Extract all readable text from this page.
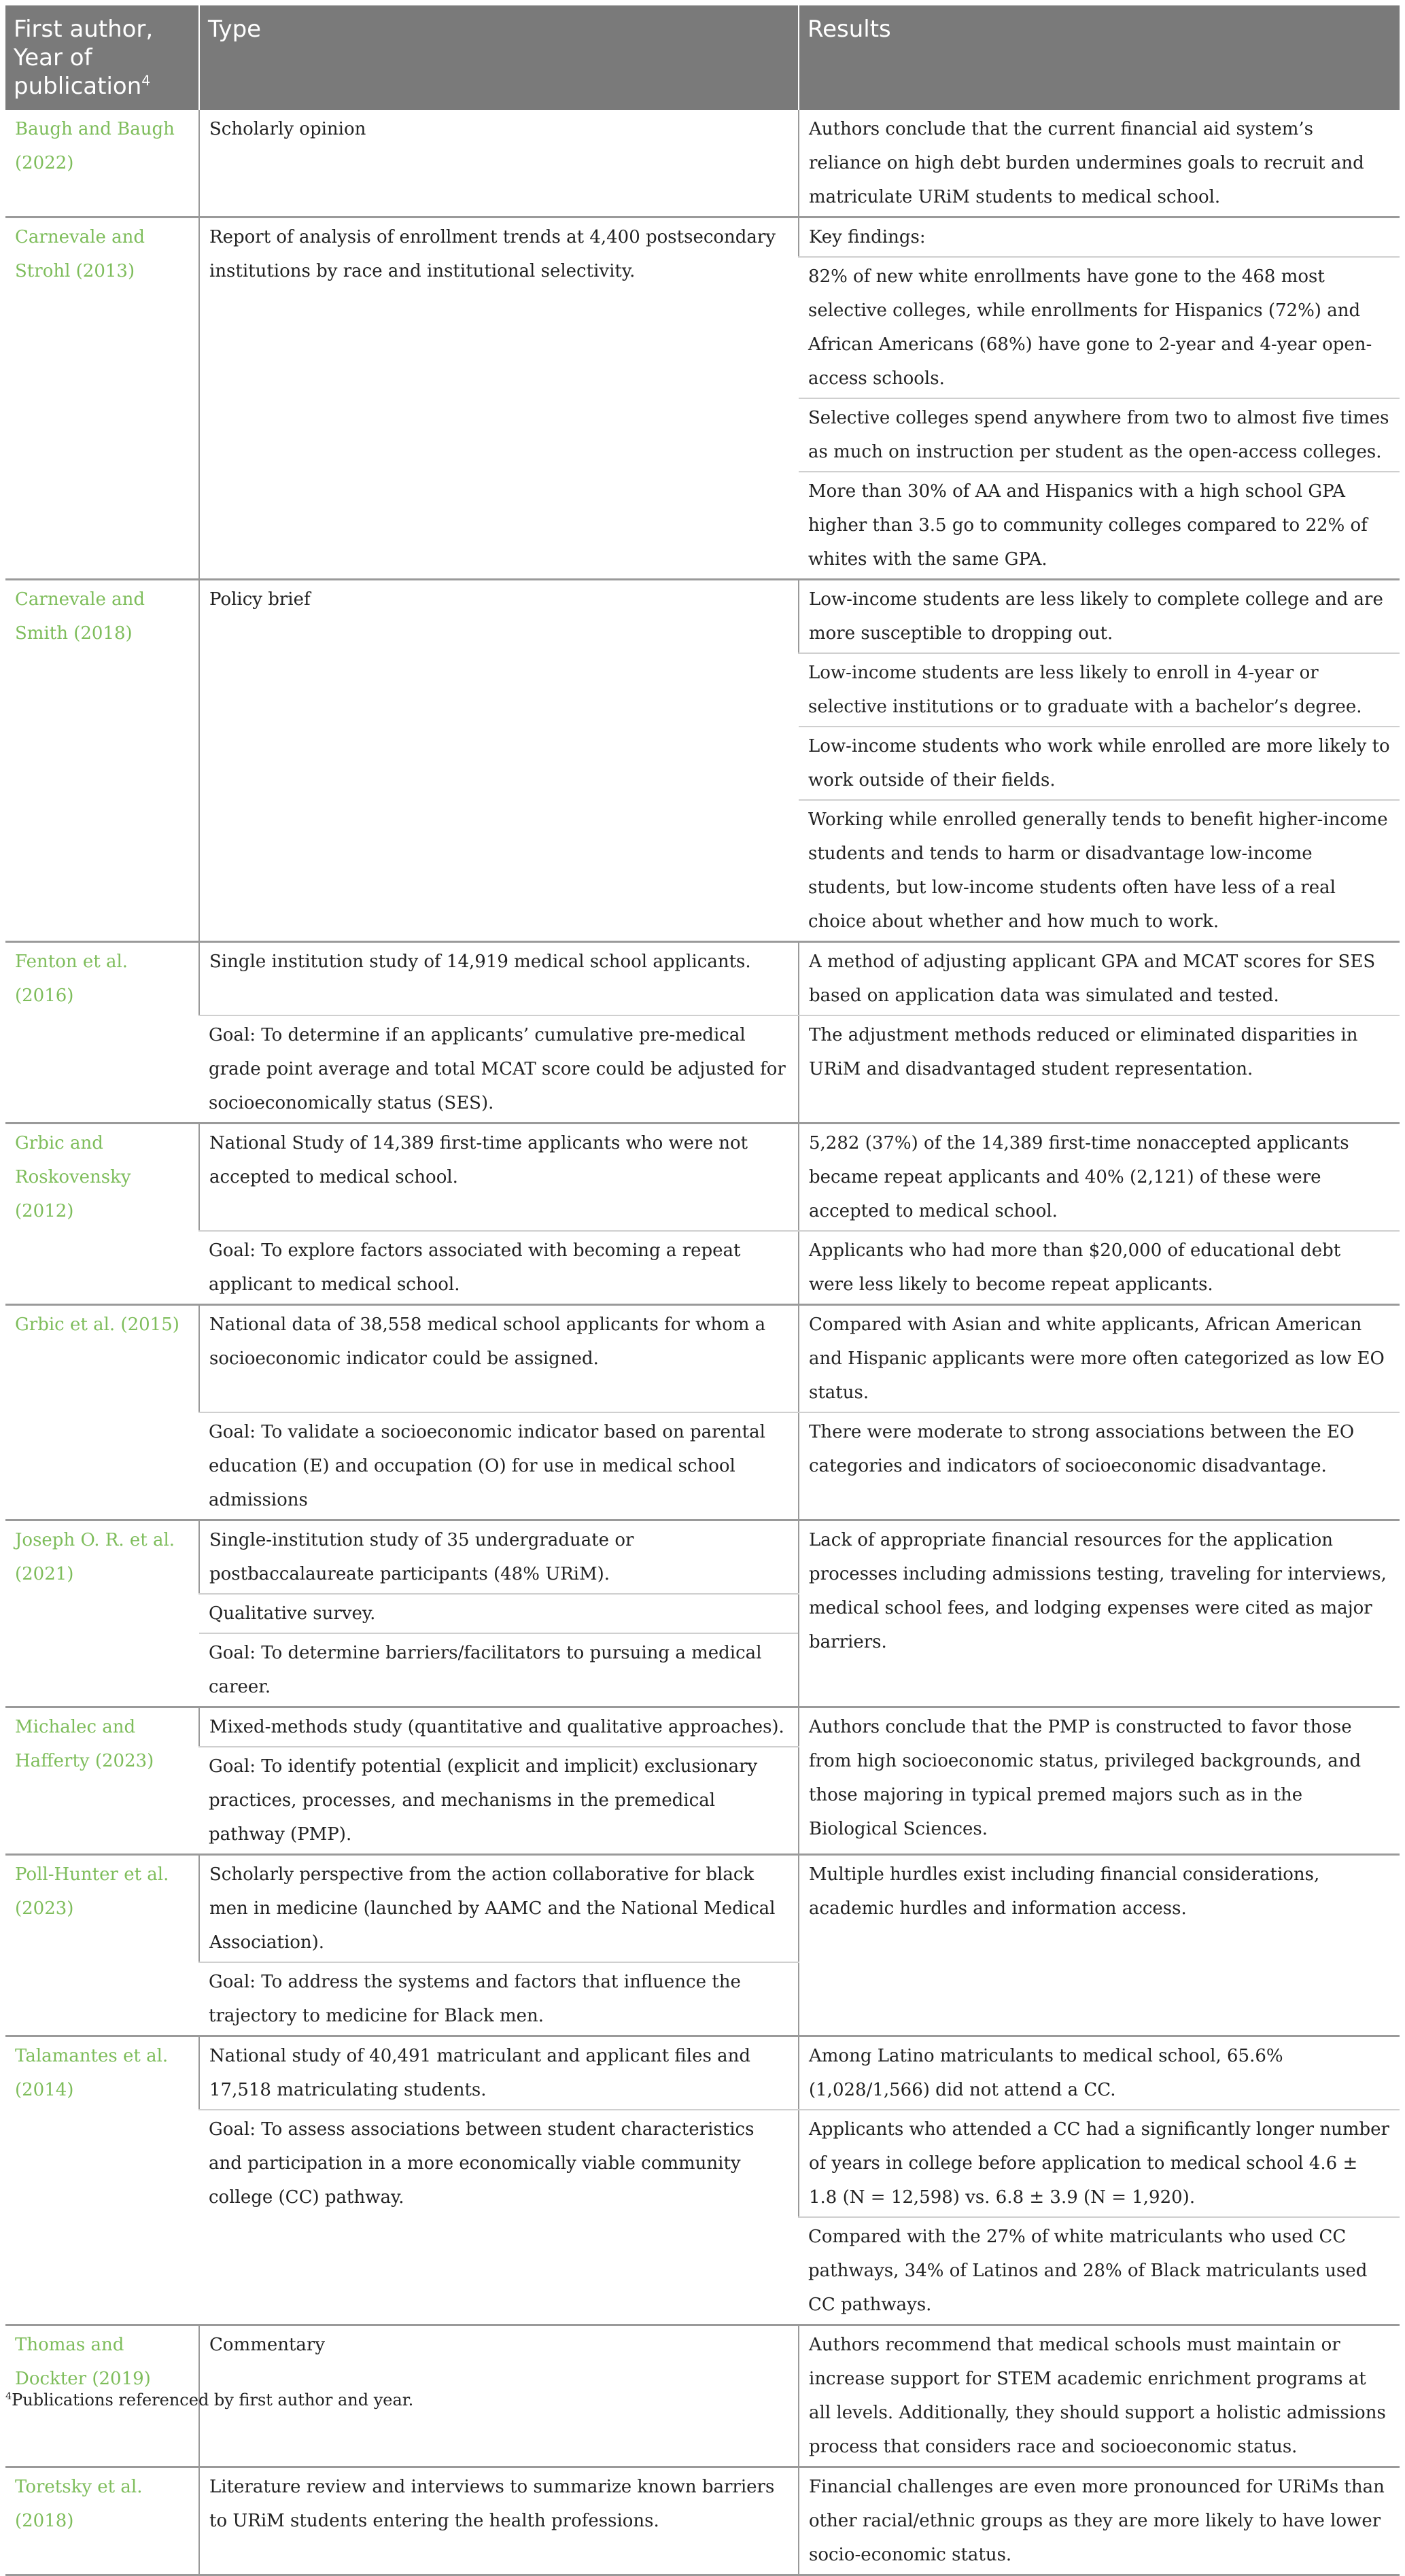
First author, Year of publication$^4$	Type	Results
Baugh and Baugh (2022)	Scholarly opinion	Authors conclude that the current financial aid system’s reliance on high debt burden undermines goals to recruit and matriculate URiM students to medical school.
Carnevale and Strohl (2013)	Report of analysis of enrollment trends at 4,400 postsecondary institutions by race and institutional selectivity.	Key findings:
		82% of new white enrollments have gone to the 468 most selective colleges, while enrollments for Hispanics (72%) and African Americans (68%) have gone to 2-year and 4-year open-access schools.
		Selective colleges spend anywhere from two to almost five times as much on instruction per student as the open-access colleges.
		More than 30% of AA and Hispanics with a high school GPA higher than 3.5 go to community colleges compared to 22% of whites with the same GPA.
Carnevale and Smith (2018)	Policy brief	Low-income students are less likely to complete college and are more susceptible to dropping out.
		Low-income students are less likely to enroll in 4-year or selective institutions or to graduate with a bachelor’s degree.
		Low-income students who work while enrolled are more likely to work outside of their fields.
		Working while enrolled generally tends to benefit higher-income students and tends to harm or disadvantage low-income students, but low-income students often have less of a real choice about whether and how much to work.
Fenton et al. (2016)	Single institution study of 14,919 medical school applicants.	A method of adjusting applicant GPA and MCAT scores for SES based on application data was simulated and tested.
	Goal: To determine if an applicants’ cumulative pre-medical grade point average and total MCAT score could be adjusted for socioeconomically status (SES).	The adjustment methods reduced or eliminated disparities in URiM and disadvantaged student representation.
Grbic and Roskovensky (2012)	National Study of 14,389 first-time applicants who were not accepted to medical school.	5,282 (37%) of the 14,389 first-time nonaccepted applicants became repeat applicants and 40% (2,121) of these were accepted to medical school.
	Goal: To explore factors associated with becoming a repeat applicant to medical school.	Applicants who had more than $20,000 of educational debt were less likely to become repeat applicants.
Grbic et al. (2015)	National data of 38,558 medical school applicants for whom a socioeconomic indicator could be assigned.	Compared with Asian and white applicants, African American and Hispanic applicants were more often categorized as low EO status.
	Goal: To validate a socioeconomic indicator based on parental education (E) and occupation (O) for use in medical school admissions	There were moderate to strong associations between the EO categories and indicators of socioeconomic disadvantage.
Joseph O. R. et al. (2021)	Single-institution study of 35 undergraduate or postbaccalaureate participants (48% URiM).	Lack of appropriate financial resources for the application processes including admissions testing, traveling for interviews, medical school fees, and lodging expenses were cited as major barriers.
	Qualitative survey.	
	Goal: To determine barriers/facilitators to pursuing a medical career.	
Michalec and Hafferty (2023)	Mixed-methods study (quantitative and qualitative approaches).	Authors conclude that the PMP is constructed to favor those from high socioeconomic status, privileged backgrounds, and those majoring in typical premed majors such as in the Biological Sciences.
	Goal: To identify potential (explicit and implicit) exclusionary practices, processes, and mechanisms in the premedical pathway (PMP).	
Poll-Hunter et al. (2023)	Scholarly perspective from the action collaborative for black men in medicine (launched by AAMC and the National Medical Association).	Multiple hurdles exist including financial considerations, academic hurdles and information access.
	Goal: To address the systems and factors that influence the trajectory to medicine for Black men.	
Talamantes et al. (2014)	National study of 40,491 matriculant and applicant files and 17,518 matriculating students.	Among Latino matriculants to medical school, 65.6% (1,028/1,566) did not attend a CC.
	Goal: To assess associations between student characteristics and participation in a more economically viable community college (CC) pathway.	Applicants who attended a CC had a significantly longer number of years in college before application to medical school 4.6 ± 1.8 (N = 12,598) vs. 6.8 ± 3.9 (N = 1,920).
		Compared with the 27% of white matriculants who used CC pathways, 34% of Latinos and 28% of Black matriculants used CC pathways.
Thomas and Dockter (2019)	Commentary	Authors recommend that medical schools must maintain or increase support for STEM academic enrichment programs at all levels. Additionally, they should support a holistic admissions process that considers race and socioeconomic status.
Toretsky et al. (2018)	Literature review and interviews to summarize known barriers to URiM students entering the health professions.	Financial challenges are even more pronounced for URiMs than other racial/ethnic groups as they are more likely to have lower socio-economic status.
$^4$Publications referenced by first author and year.
